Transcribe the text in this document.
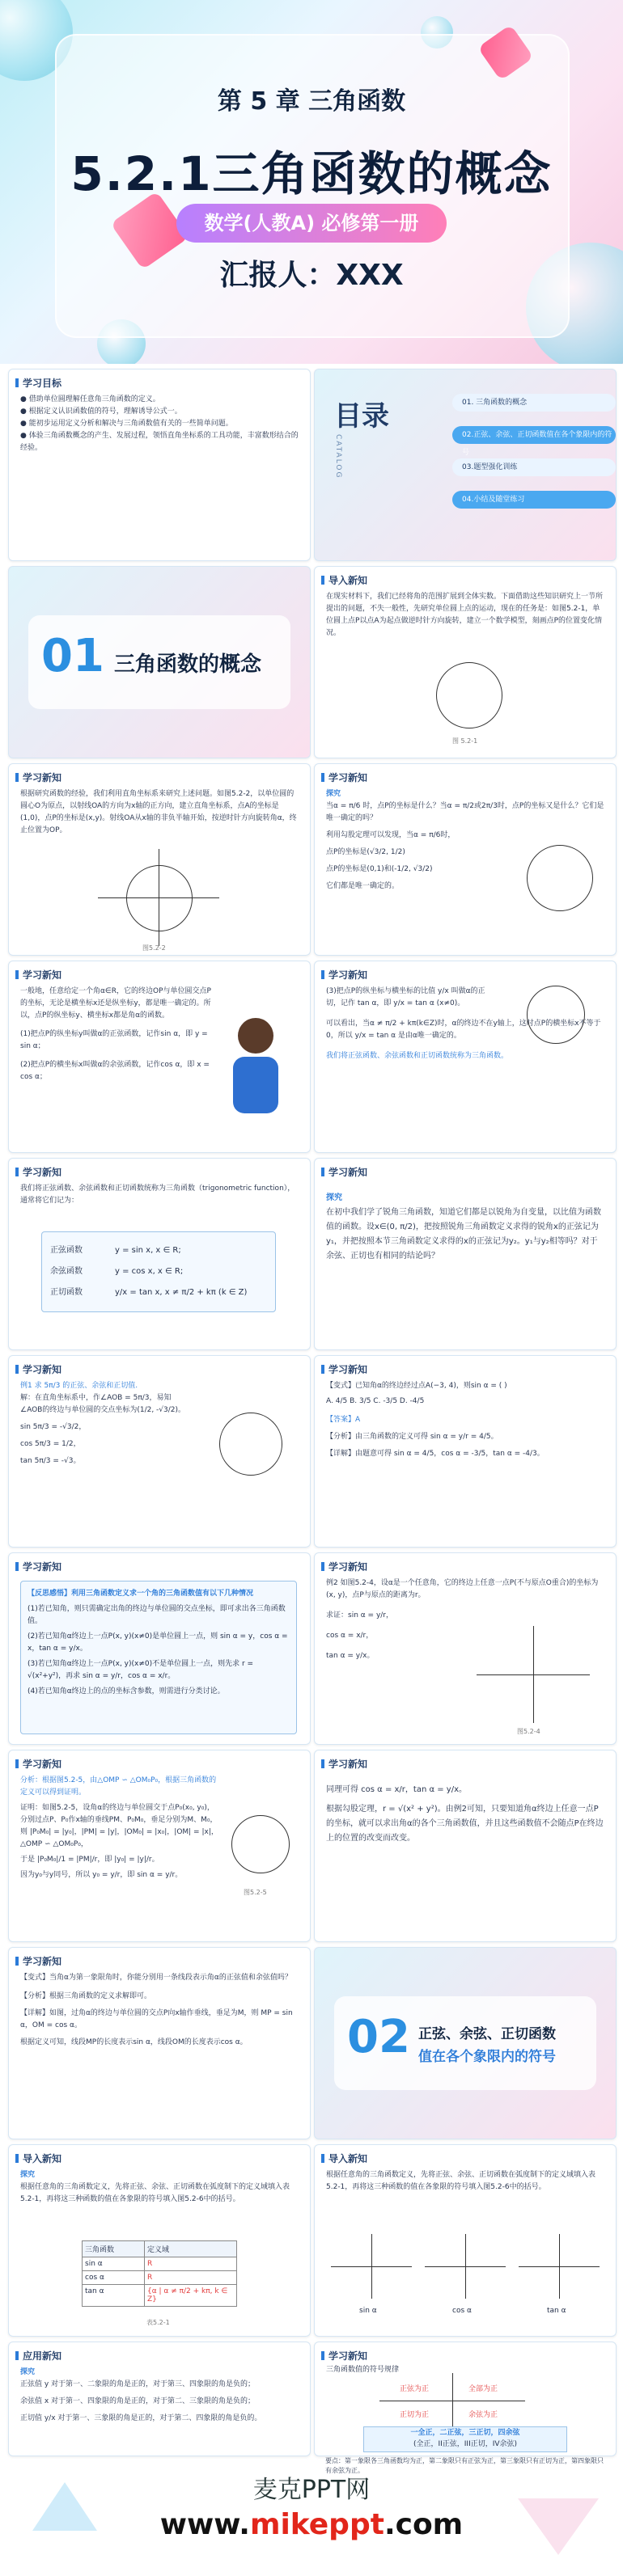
第 5 章 三角函数
5.2.1三角函数的概念
数学(人教A) 必修第一册
汇报人：XXX
学习目标
● 借助单位圆理解任意角三角函数的定义。
● 根据定义认识函数值的符号，理解诱导公式一。
● 能初步运用定义分析和解决与三角函数值有关的一些简单问题。
● 体验三角函数概念的产生、发展过程，领悟直角坐标系的工具功能，丰富数形结合的经验。
目录
CATALOG
01. 三角函数的概念
02.正弦、余弦、正切函数值在各个象限内的符号
03.题型强化训练
04.小结及随堂练习
01 三角函数的概念
导入新知
在现实材料下，我们已经将角的范围扩展到全体实数。下面借助这些知识研究上一节所提出的问题，不失一般性，先研究单位圆上点的运动，现在的任务是：如图5.2-1，单位圆上点P以点A为起点做逆时针方向旋转，建立一个数学模型，刻画点P的位置变化情况。
图 5.2-1
学习新知
根据研究函数的经验，我们利用直角坐标系来研究上述问题。如图5.2-2，以单位圆的圆心O为原点，以射线OA的方向为x轴的正方向，建立直角坐标系，点A的坐标是(1,0)，点P的坐标是(x,y)。射线OA从x轴的非负半轴开始，按逆时针方向旋转角α，终止位置为OP。
图5.2-2
学习新知
探究
当α = π/6 时，点P的坐标是什么？当α = π/2或2π/3时，点P的坐标又是什么？它们是唯一确定的吗？
利用勾股定理可以发现，当α = π/6时，
点P的坐标是(√3/2, 1/2)
点P的坐标是(0,1)和(-1/2, √3/2)
它们都是唯一确定的。
学习新知
一般地，任意给定一个角α∈R，它的终边OP与单位圆交点P的坐标，无论是横坐标x还是纵坐标y，都是唯一确定的。所以，点P的纵坐标y、横坐标x都是角α的函数。
(1)把点P的纵坐标y叫做α的正弦函数，记作sin α，即 y = sin α；
(2)把点P的横坐标x叫做α的余弦函数，记作cos α，即 x = cos α；
学习新知
(3)把点P的纵坐标与横坐标的比值 y/x 叫做α的正切，记作 tan α，即 y/x = tan α (x≠0)。
可以看出，当α ≠ π/2 + kπ(k∈Z)时，α的终边不在y轴上，这时点P的横坐标x不等于0，所以 y/x = tan α 是由α唯一确定的。
我们将正弦函数、余弦函数和正切函数统称为三角函数。
学习新知
我们将正弦函数、余弦函数和正切函数统称为三角函数（trigonometric function），通常将它们记为：
正弦函数	y = sin x, x ∈ R;
余弦函数	y = cos x, x ∈ R;
正切函数	y/x = tan x, x ≠ π/2 + kπ (k ∈ Z)
学习新知
探究
在初中我们学了锐角三角函数，知道它们都是以锐角为自变量，以比值为函数值的函数。设x∈(0, π/2)，把按照锐角三角函数定义求得的锐角x的正弦记为y₁，并把按照本节三角函数定义求得的x的正弦记为y₂。y₁与y₂相等吗？对于余弦、正切也有相同的结论吗？
学习新知
例1 求 5π/3 的正弦、余弦和正切值.
解：在直角坐标系中，作∠AOB = 5π/3，易知∠AOB的终边与单位圆的交点坐标为(1/2, -√3/2)。
sin 5π/3 = -√3/2，
cos 5π/3 = 1/2，
tan 5π/3 = -√3。
学习新知
【变式】已知角α的终边经过点A(−3, 4)，则sin α = ( )
A. 4/5 B. 3/5 C. -3/5 D. -4/5
【答案】A
【分析】由三角函数的定义可得 sin α = y/r = 4/5。
【详解】由题意可得 sin α = 4/5，cos α = -3/5，tan α = -4/3。
学习新知
【反思感悟】利用三角函数定义求一个角的三角函数值有以下几种情况
(1)若已知角，则只需确定出角的终边与单位圆的交点坐标，即可求出各三角函数值。
(2)若已知角α终边上一点P(x, y)(x≠0)是单位圆上一点，则 sin α = y，cos α = x，tan α = y/x。
(3)若已知角α终边上一点P(x, y)(x≠0)不是单位圆上一点，则先求 r = √(x²+y²)，再求 sin α = y/r，cos α = x/r。
(4)若已知角α终边上的点的坐标含参数，则需进行分类讨论。
学习新知
例2 如图5.2-4，设α是一个任意角，它的终边上任意一点P(不与原点O重合)的坐标为(x, y)，点P与原点的距离为r。
求证：sin α = y/r，
cos α = x/r，
tan α = y/x。
图5.2-4
学习新知
分析：根据图5.2-5，由△OMP ∽ △OM₀P₀，根据三角函数的定义可以得到证明。
证明：如图5.2-5，设角α的终边与单位圆交于点P₀(x₀, y₀)，分别过点P、P₀作x轴的垂线PM、P₀M₀，垂足分别为M、M₀，则 |P₀M₀| = |y₀|，|PM| = |y|，|OM₀| = |x₀|，|OM| = |x|，△OMP ∽ △OM₀P₀，
于是 |P₀M₀|/1 = |PM|/r，即 |y₀| = |y|/r。
因为y₀与y同号，所以 y₀ = y/r，即 sin α = y/r。
图5.2-5
学习新知
同理可得 cos α = x/r，tan α = y/x。
根据勾股定理，r = √(x² + y²)。由例2可知，只要知道角α终边上任意一点P的坐标，就可以求出角α的各个三角函数值，并且这些函数值不会随点P在终边上的位置的改变而改变。
学习新知
【变式】当角α为第一象限角时，你能分别用一条线段表示角α的正弦值和余弦值吗？
【分析】根据三角函数的定义求解即可。
【详解】如图，过角α的终边与单位圆的交点P向x轴作垂线，垂足为M，则 MP = sin α，OM = cos α。
根据定义可知，线段MP的长度表示sin α，线段OM的长度表示cos α。	02 正弦、余弦、正切函数
值在各个象限内的符号
导入新知
探究
根据任意角的三角函数定义，先将正弦、余弦、正切函数在弧度制下的定义域填入表5.2-1，再将这三种函数的值在各象限的符号填入图5.2-6中的括号。
三角函数	定义域
sin α	R
cos α	R
tan α	{α | α ≠ π/2 + kπ, k ∈ Z}
表5.2-1
导入新知
根据任意角的三角函数定义，先将正弦、余弦、正切函数在弧度制下的定义域填入表5.2-1，再将这三种函数的值在各象限的符号填入图5.2-6中的括号。
sin α	cos α	tan α
应用新知
探究
正弦值 y 对于第一、二象限的角是正的，对于第三、四象限的角是负的；
余弦值 x 对于第一、四象限的角是正的，对于第二、三象限的角是负的；
正切值 y/x 对于第一、三象限的角是正的，对于第二、四象限的角是负的。
学习新知
三角函数值的符号规律
正弦为正	全部为正
正切为正	余弦为正
一全正，二正弦，三正切，四余弦
(全正，II正弦，III正切，IV余弦)
要点：第一象限各三角函数均为正，第二象限只有正弦为正，第三象限只有正切为正，第四象限只有余弦为正。
麦克PPT网
www.mikeppt.com
